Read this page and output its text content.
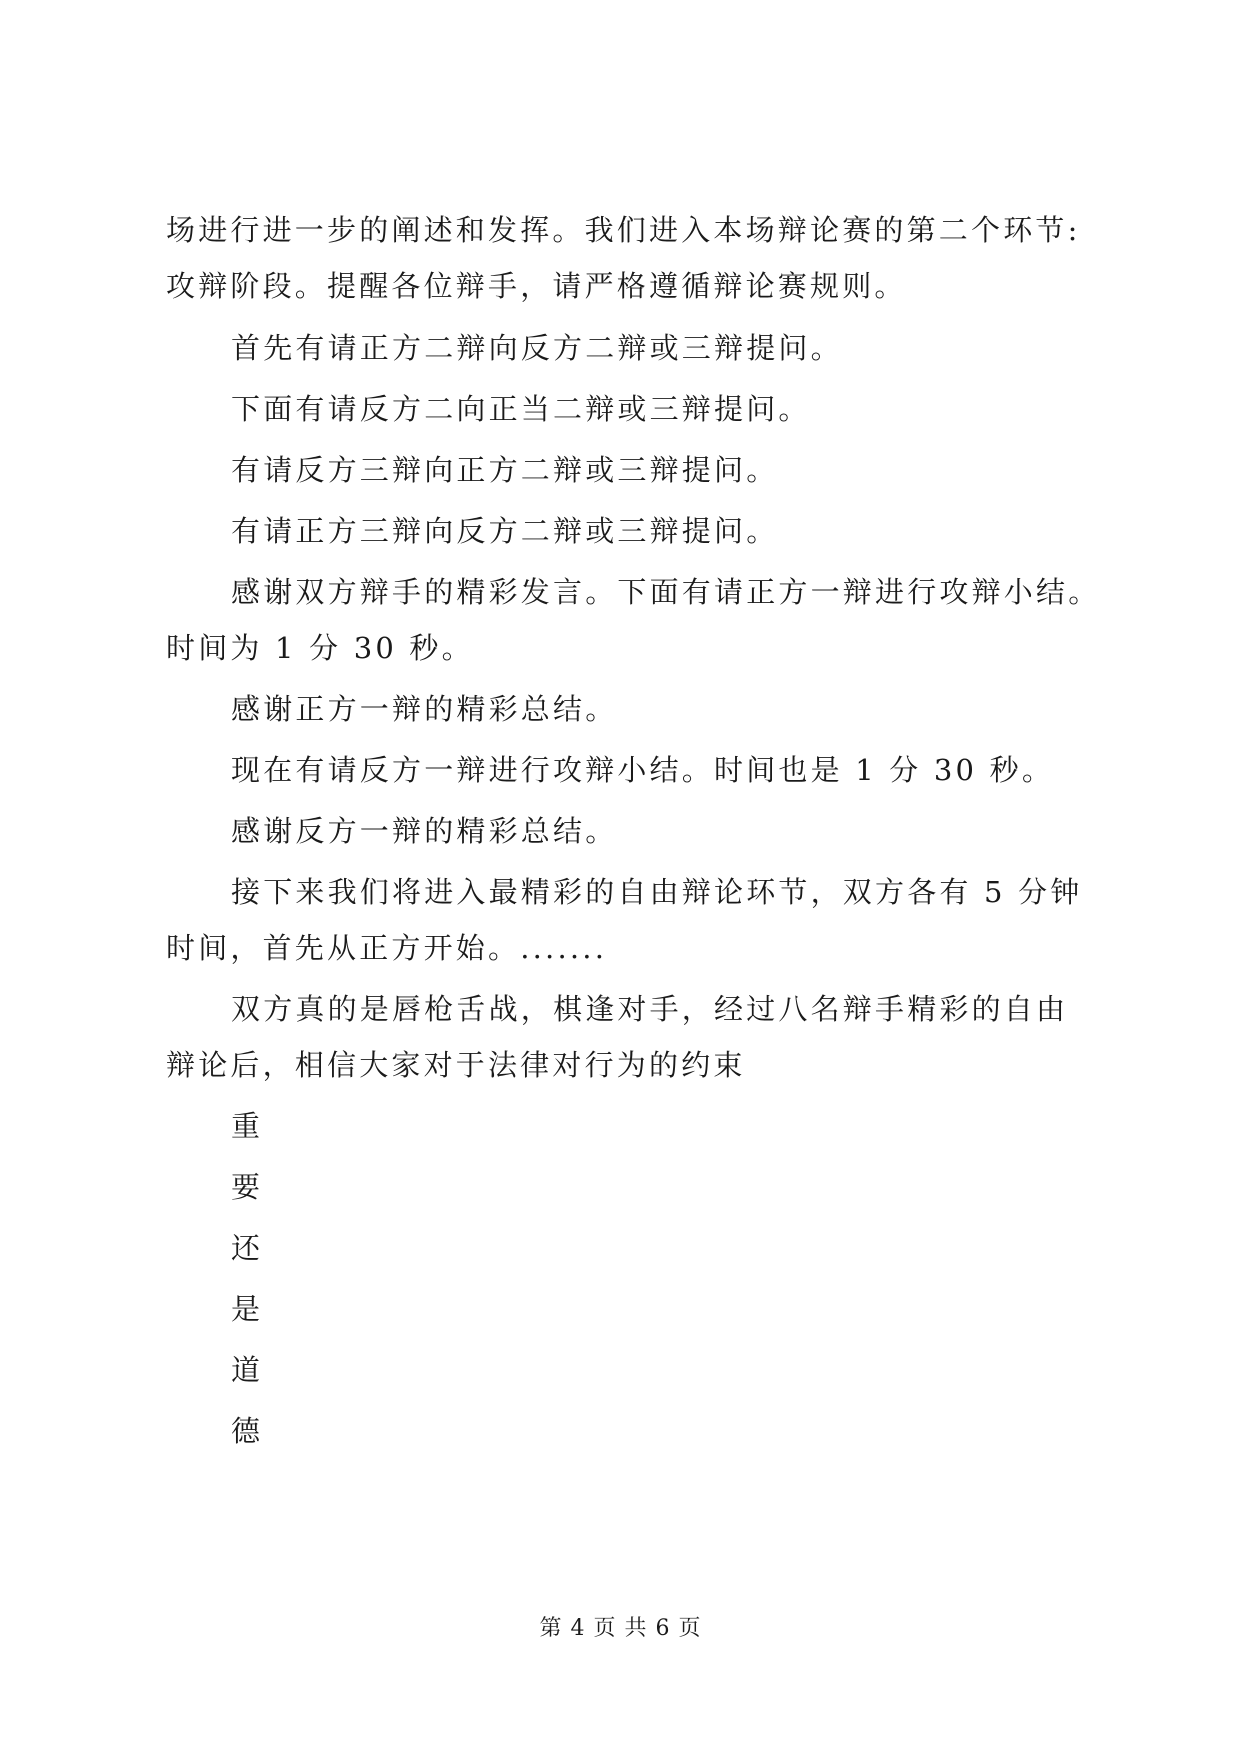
场进行进一步的阐述和发挥。我们进入本场辩论赛的第二个环节:
攻辩阶段。提醒各位辩手，请严格遵循辩论赛规则。
首先有请正方二辩向反方二辩或三辩提问。
下面有请反方二向正当二辩或三辩提问。
有请反方三辩向正方二辩或三辩提问。
有请正方三辩向反方二辩或三辩提问。
感谢双方辩手的精彩发言。下面有请正方一辩进行攻辩小结。
时间为 1 分 30 秒。
感谢正方一辩的精彩总结。
现在有请反方一辩进行攻辩小结。时间也是 1 分 30 秒。
感谢反方一辩的精彩总结。
接下来我们将进入最精彩的自由辩论环节，双方各有 5 分钟
时间，首先从正方开始。.......
双方真的是唇枪舌战，棋逢对手，经过八名辩手精彩的自由
辩论后，相信大家对于法律对行为的约束
重
要
还
是
道
德
第 4 页 共 6 页
